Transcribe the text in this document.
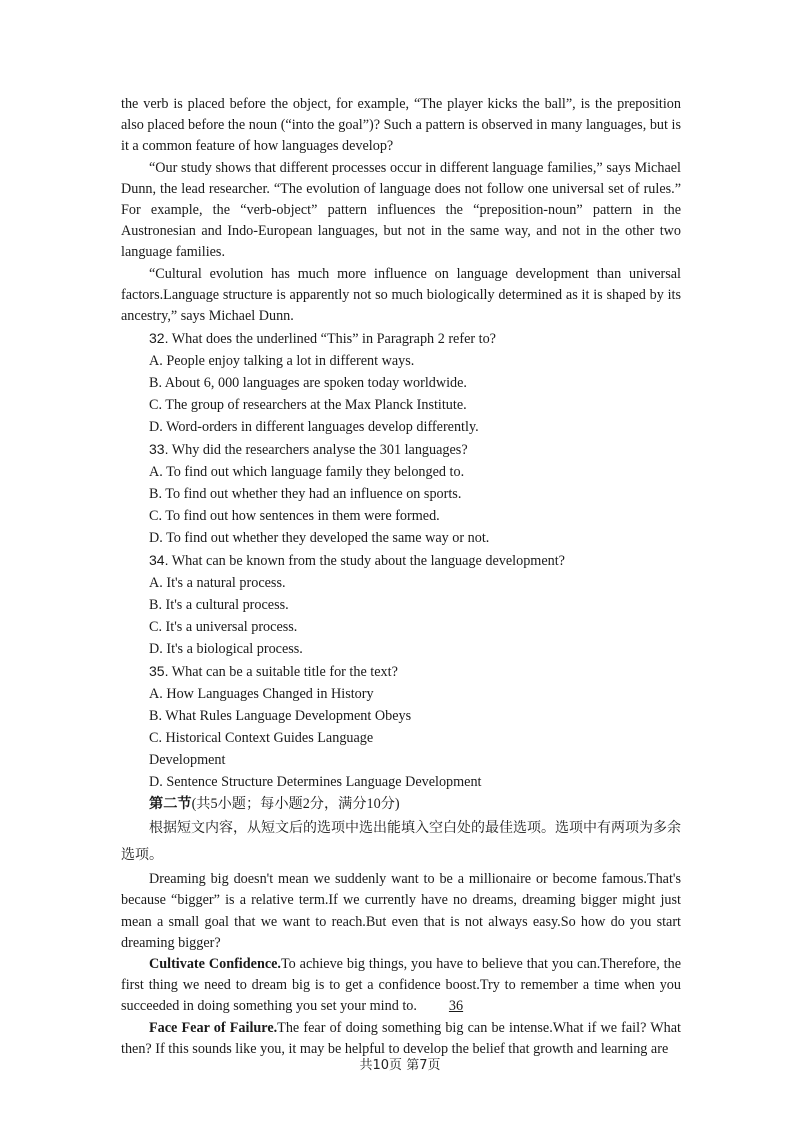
the verb is placed before the object, for example, “The player kicks the ball”, is the preposition also placed before the noun (“into the goal”)? Such a pattern is observed in many languages, but is it a common feature of how languages develop?

“Our study shows that different processes occur in different language families,” says Michael Dunn, the lead researcher. “The evolution of language does not follow one universal set of rules.” For example, the “verb-object” pattern influences the “preposition-noun” pattern in the Austronesian and Indo-European languages, but not in the same way, and not in the other two language families.

“Cultural evolution has much more influence on language development than universal factors.Language structure is apparently not so much biologically determined as it is shaped by its ancestry,” says Michael Dunn.

32. What does the underlined “This” in Paragraph 2 refer to?

A. People enjoy talking a lot in different ways.

B. About 6, 000 languages are spoken today worldwide.

C. The group of researchers at the Max Planck Institute.

D. Word-orders in different languages develop differently.

33. Why did the researchers analyse the 301 languages?

A. To find out which language family they belonged to.

B. To find out whether they had an influence on sports.

C. To find out how sentences in them were formed.

D. To find out whether they developed the same way or not.

34. What can be known from the study about the language development?

A. It's a natural process.

B. It's a cultural process.

C. It's a universal process.

D. It's a biological process.

35. What can be a suitable title for the text?

A. How Languages Changed in History

B. What Rules Language Development Obeys

C. Historical Context Guides Language

Development

D. Sentence Structure Determines Language Development

第二节(共5小题；每小题2分，满分10分)

根据短文内容，从短文后的选项中选出能填入空白处的最佳选项。选项中有两项为多余选项。

Dreaming big doesn't mean we suddenly want to be a millionaire or become famous.That's because “bigger” is a relative term.If we currently have no dreams, dreaming bigger might just mean a small goal that we want to reach.But even that is not always easy.So how do you start dreaming bigger?

Cultivate Confidence.To achieve big things, you have to believe that you can.Therefore, the first thing we need to dream big is to get a confidence boost.Try to remember a time when you succeeded in doing something you set your mind to. 36

Face Fear of Failure.The fear of doing something big can be intense.What if we fail? What then? If this sounds like you, it may be helpful to develop the belief that growth and learning are

共10页 第7页
